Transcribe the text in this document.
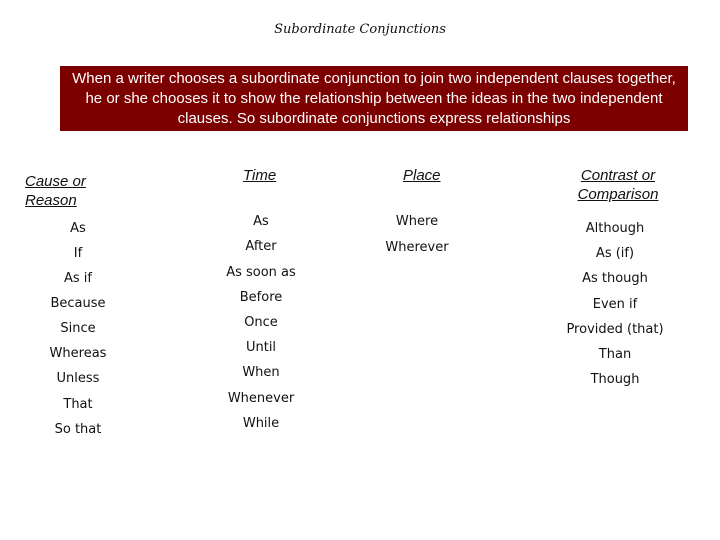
Subordinate Conjunctions
When a writer chooses a subordinate conjunction to join two independent clauses together, he or she chooses it to show the relationship between the ideas in the two independent clauses. So subordinate conjunctions express relationships
Cause or Reason
As
If
As if
Because
Since
Whereas
Unless
That
So that
Time
As
After
As soon as
Before
Once
Until
When
Whenever
While
Place
Where
Wherever
Contrast or Comparison
Although
As (if)
As though
Even if
Provided (that)
Than
Though
